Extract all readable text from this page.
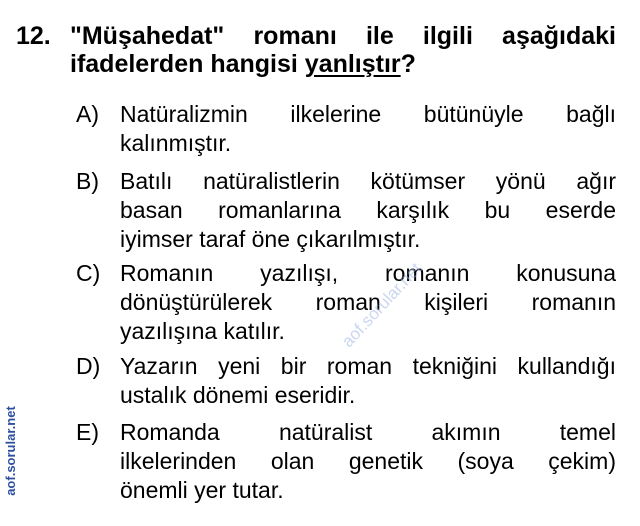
12. "Müşahedat" romanı ile ilgili aşağıdaki
ifadelerden hangisi yanlıştır?
A) Natüralizmin ilkelerine bütünüyle bağlı
kalınmıştır.
B) Batılı natüralistlerin kötümser yönü ağır
basan romanlarına karşılık bu eserde
iyimser taraf öne çıkarılmıştır.
C) Romanın yazılışı, romanın konusuna
dönüştürülerek roman kişileri romanın
yazılışına katılır.
D) Yazarın yeni bir roman tekniğini kullandığı
ustalık dönemi eseridir.
E) Romanda natüralist akımın temel
ilkelerinden olan genetik (soya çekim)
önemli yer tutar.
aof.sorular.net
aof.sorular.net
